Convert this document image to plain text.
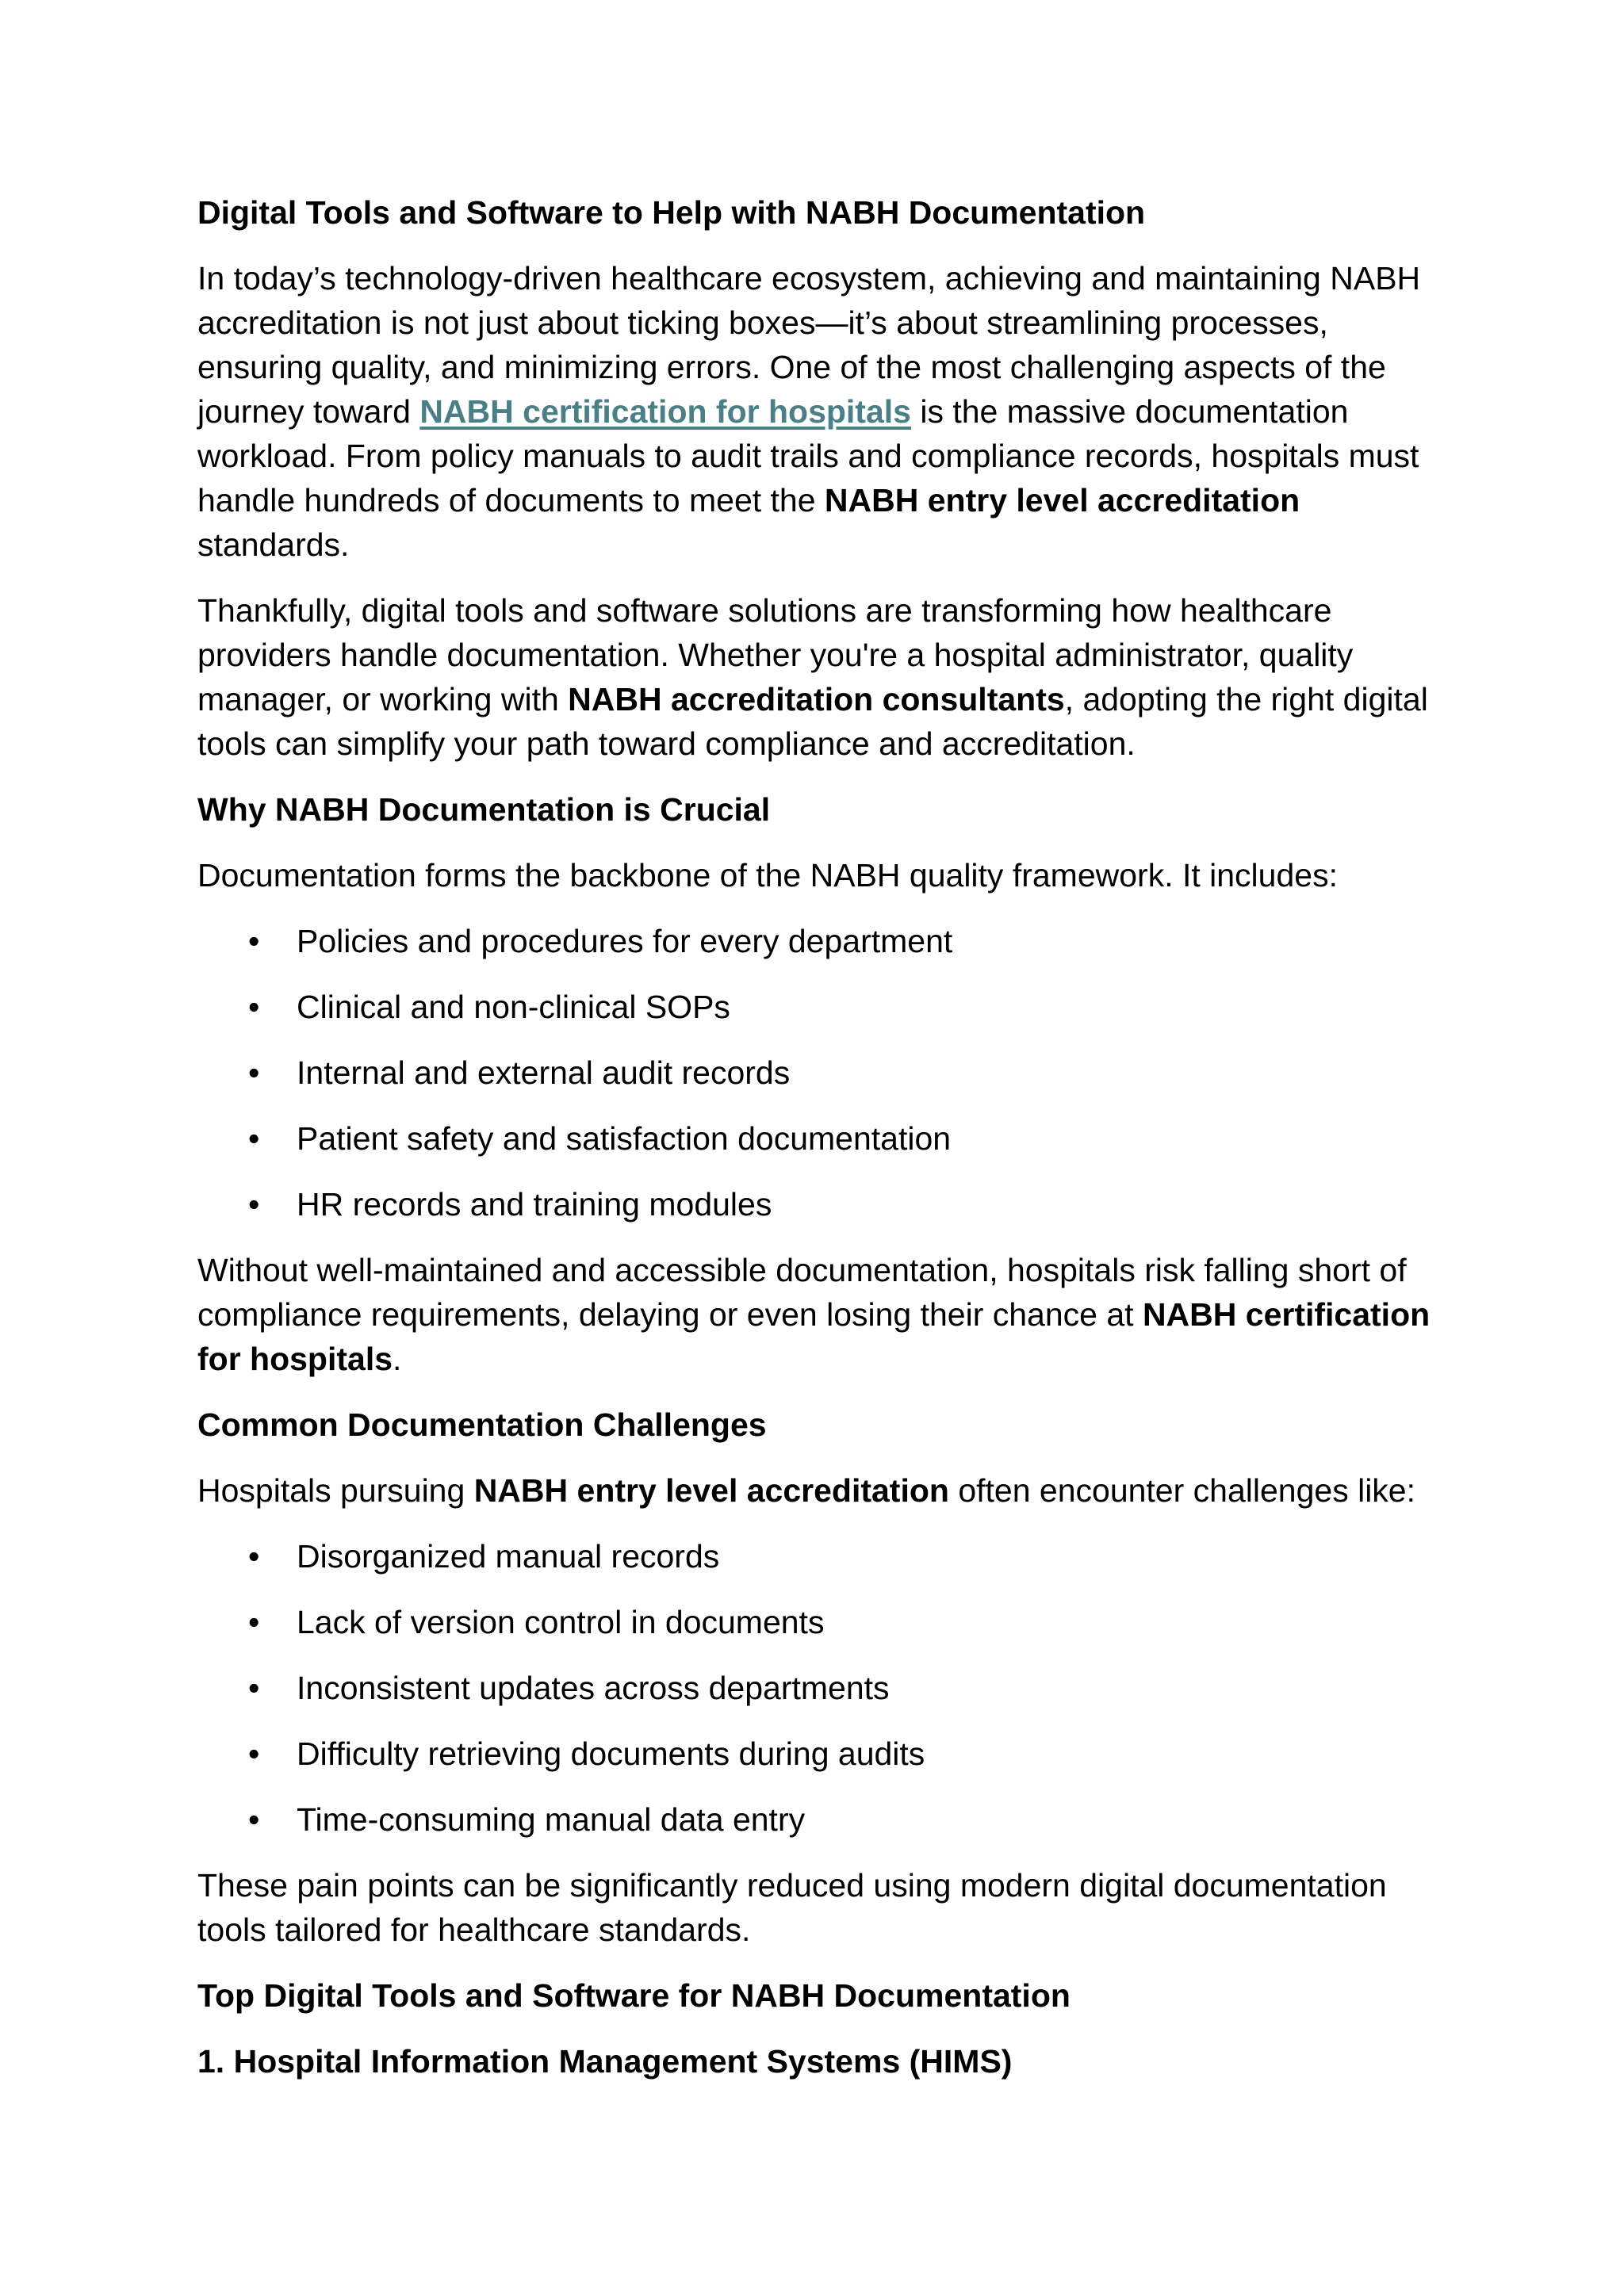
Digital Tools and Software to Help with NABH Documentation

In today’s technology-driven healthcare ecosystem, achieving and maintaining NABH accreditation is not just about ticking boxes—it’s about streamlining processes, ensuring quality, and minimizing errors. One of the most challenging aspects of the journey toward NABH certification for hospitals is the massive documentation workload. From policy manuals to audit trails and compliance records, hospitals must handle hundreds of documents to meet the NABH entry level accreditation standards.

Thankfully, digital tools and software solutions are transforming how healthcare providers handle documentation. Whether you're a hospital administrator, quality manager, or working with NABH accreditation consultants, adopting the right digital tools can simplify your path toward compliance and accreditation.

Why NABH Documentation is Crucial

Documentation forms the backbone of the NABH quality framework. It includes:

• Policies and procedures for every department
• Clinical and non-clinical SOPs
• Internal and external audit records
• Patient safety and satisfaction documentation
• HR records and training modules

Without well-maintained and accessible documentation, hospitals risk falling short of compliance requirements, delaying or even losing their chance at NABH certification for hospitals.

Common Documentation Challenges

Hospitals pursuing NABH entry level accreditation often encounter challenges like:

• Disorganized manual records
• Lack of version control in documents
• Inconsistent updates across departments
• Difficulty retrieving documents during audits
• Time-consuming manual data entry

These pain points can be significantly reduced using modern digital documentation tools tailored for healthcare standards.

Top Digital Tools and Software for NABH Documentation
1. Hospital Information Management Systems (HIMS)
